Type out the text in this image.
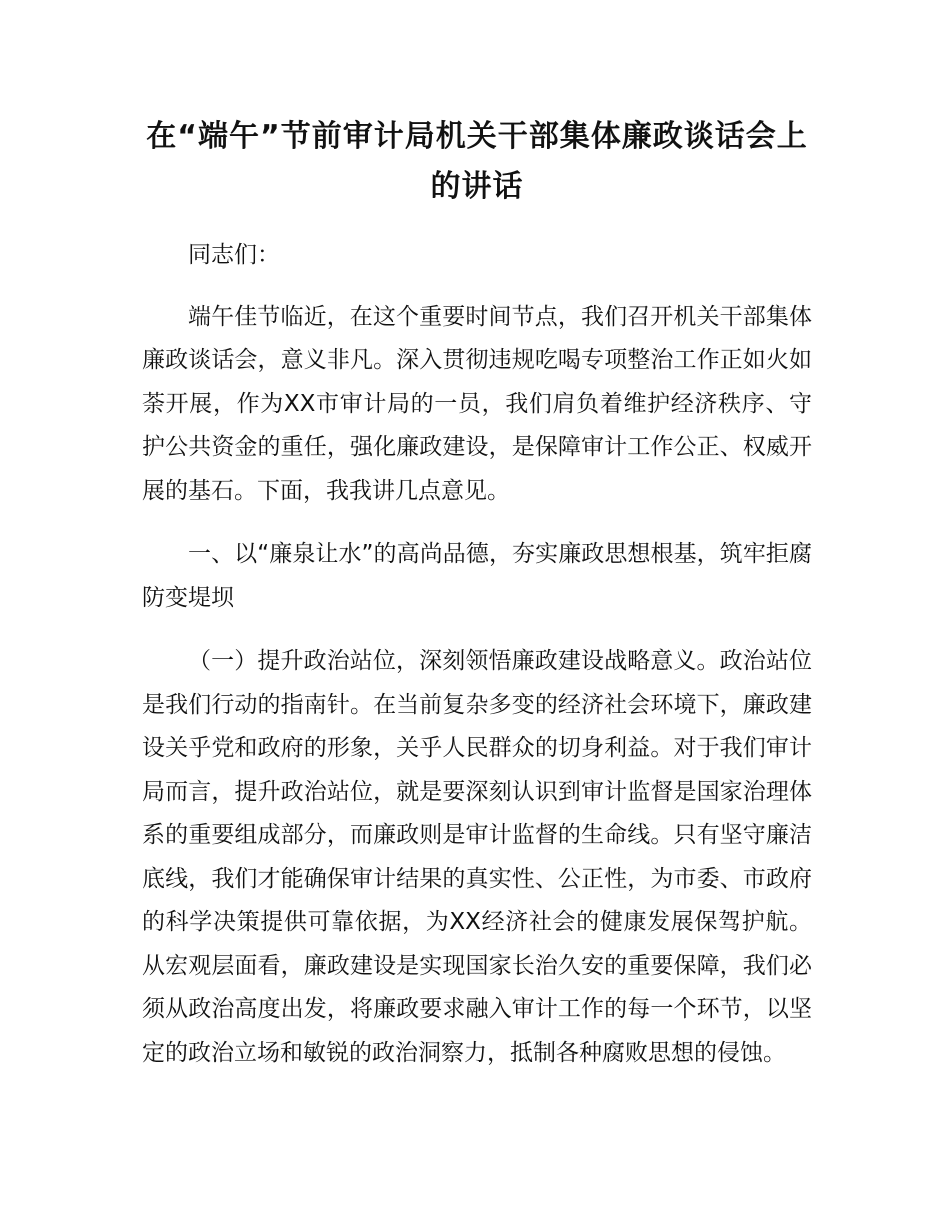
在“端午”节前审计局机关干部集体廉政谈话会上的讲话

同志们：

端午佳节临近，在这个重要时间节点，我们召开机关干部集体廉政谈话会，意义非凡。深入贯彻违规吃喝专项整治工作正如火如荼开展，作为XX市审计局的一员，我们肩负着维护经济秩序、守护公共资金的重任，强化廉政建设，是保障审计工作公正、权威开展的基石。下面，我我讲几点意见。

一、以“廉泉让水”的高尚品德，夯实廉政思想根基，筑牢拒腐防变堤坝

（一）提升政治站位，深刻领悟廉政建设战略意义。政治站位是我们行动的指南针。在当前复杂多变的经济社会环境下，廉政建设关乎党和政府的形象，关乎人民群众的切身利益。对于我们审计局而言，提升政治站位，就是要深刻认识到审计监督是国家治理体系的重要组成部分，而廉政则是审计监督的生命线。只有坚守廉洁底线，我们才能确保审计结果的真实性、公正性，为市委、市政府的科学决策提供可靠依据，为XX经济社会的健康发展保驾护航。从宏观层面看，廉政建设是实现国家长治久安的重要保障，我们必须从政治高度出发，将廉政要求融入审计工作的每一个环节，以坚定的政治立场和敏锐的政治洞察力，抵制各种腐败思想的侵蚀。
